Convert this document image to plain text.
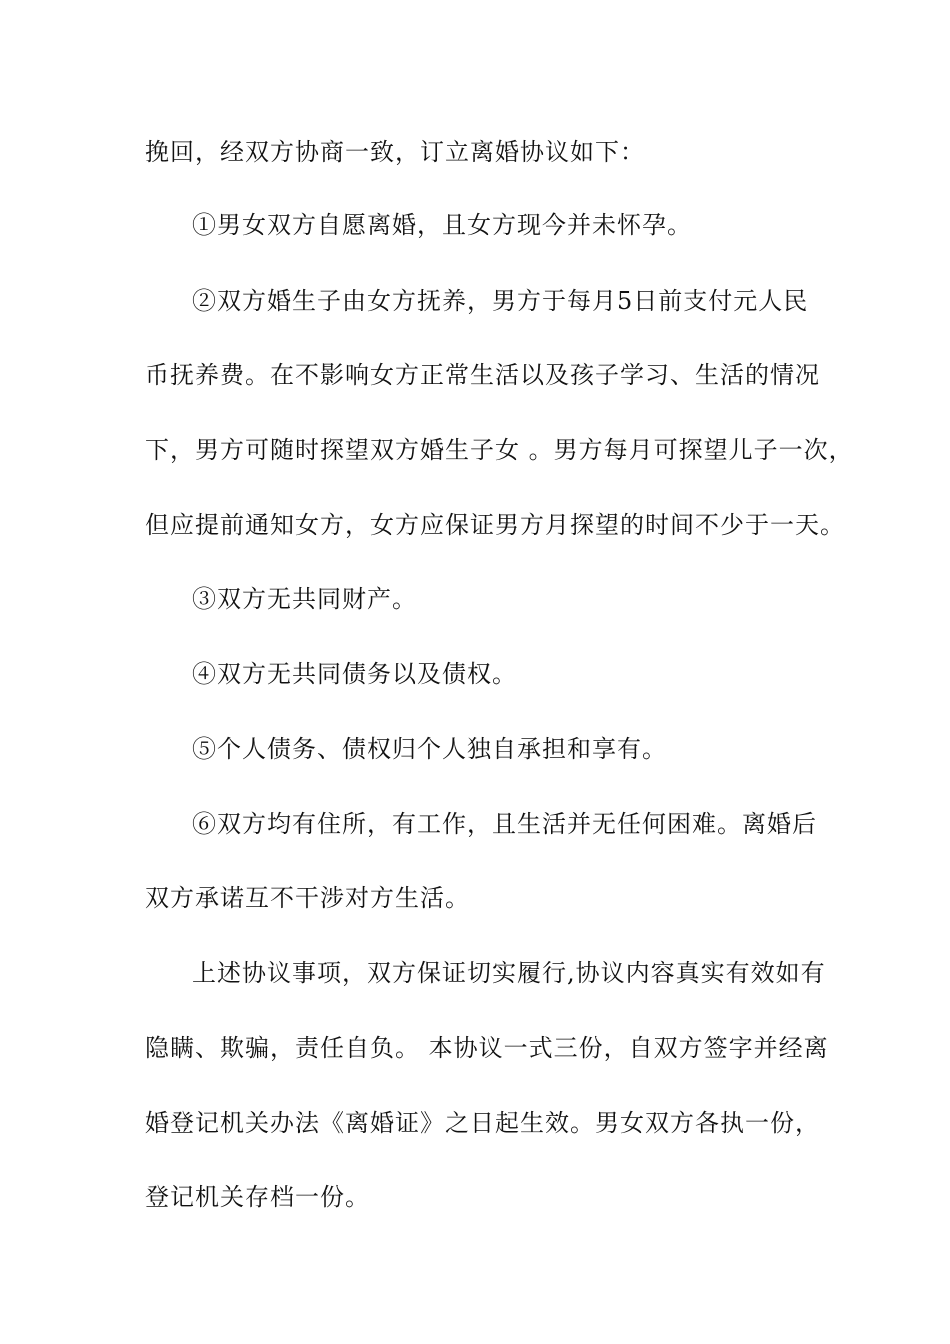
挽回，经双方协商一致，订立离婚协议如下：
①男女双方自愿离婚，且女方现今并未怀孕。
②双方婚生子由女方抚养，男方于每月5日前支付元人民
币抚养费。在不影响女方正常生活以及孩子学习、生活的情况
下，男方可随时探望双方婚生子女 。男方每月可探望儿子一次，
但应提前通知女方，女方应保证男方月探望的时间不少于一天。
③双方无共同财产。
④双方无共同债务以及债权。
⑤个人债务、债权归个人独自承担和享有。
⑥双方均有住所，有工作，且生活并无任何困难。离婚后
双方承诺互不干涉对方生活。
上述协议事项，双方保证切实履行,协议内容真实有效如有
隐瞒、欺骗，责任自负。 本协议一式三份，自双方签字并经离
婚登记机关办法《离婚证》之日起生效。男女双方各执一份，
登记机关存档一份。
